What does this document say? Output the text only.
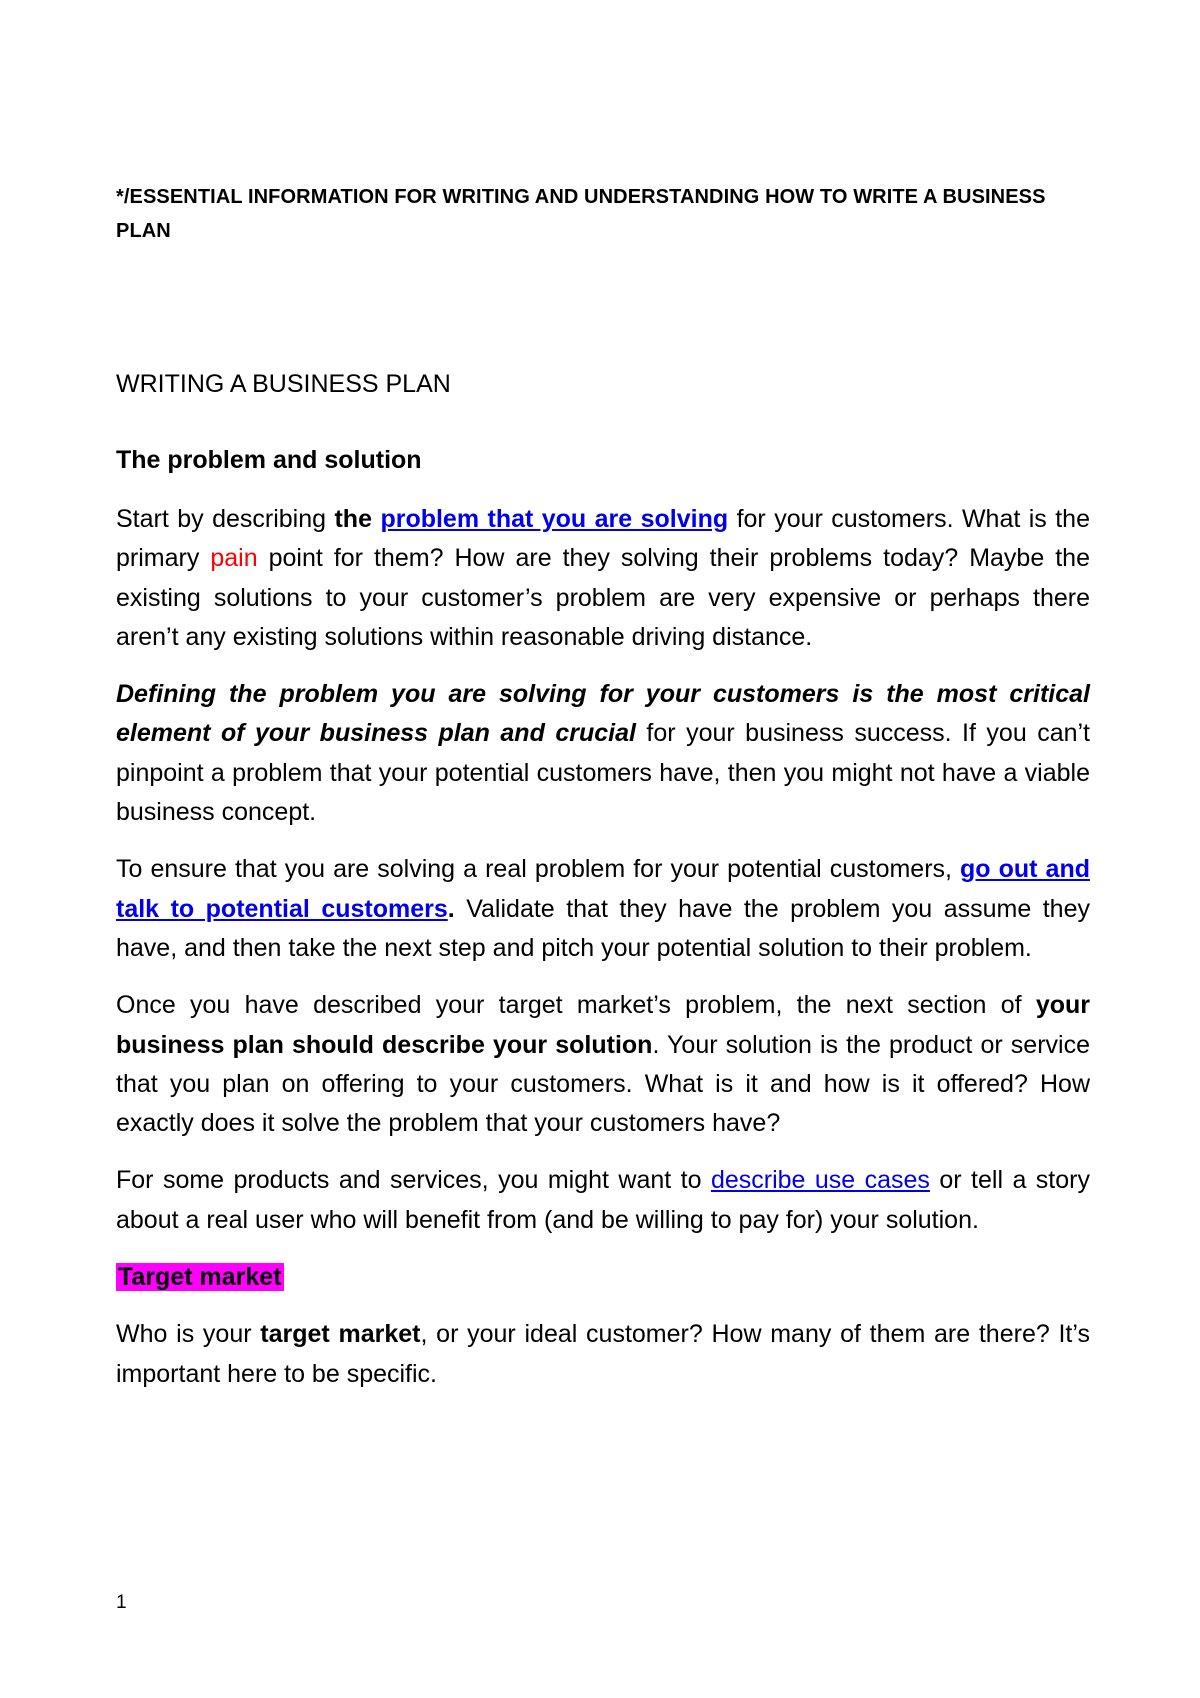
*/ESSENTIAL INFORMATION FOR WRITING AND UNDERSTANDING HOW TO WRITE A BUSINESS PLAN

WRITING A BUSINESS PLAN

The problem and solution

Start by describing the problem that you are solving for your customers. What is the primary pain point for them? How are they solving their problems today? Maybe the existing solutions to your customer’s problem are very expensive or perhaps there aren’t any existing solutions within reasonable driving distance.

Defining the problem you are solving for your customers is the most critical element of your business plan and crucial for your business success. If you can’t pinpoint a problem that your potential customers have, then you might not have a viable business concept.

To ensure that you are solving a real problem for your potential customers, go out and talk to potential customers. Validate that they have the problem you assume they have, and then take the next step and pitch your potential solution to their problem.

Once you have described your target market’s problem, the next section of your business plan should describe your solution. Your solution is the product or service that you plan on offering to your customers. What is it and how is it offered? How exactly does it solve the problem that your customers have?

For some products and services, you might want to describe use cases or tell a story about a real user who will benefit from (and be willing to pay for) your solution.

Target market

Who is your target market, or your ideal customer? How many of them are there? It’s important here to be specific.

1
